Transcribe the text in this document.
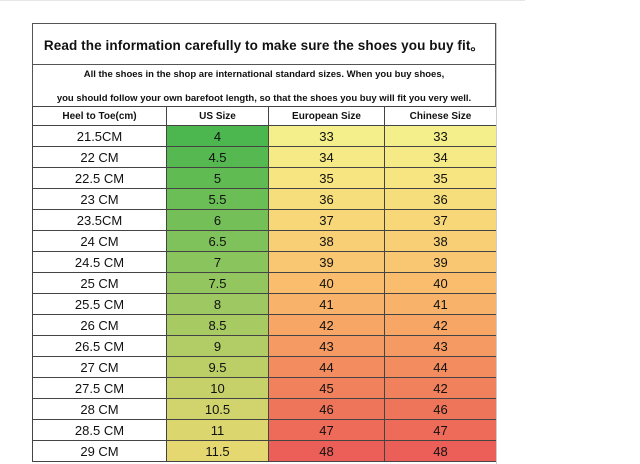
Read the information carefully to make sure the shoes you buy fit。
All the shoes in the shop are international standard sizes. When you buy shoes,
you should follow your own barefoot length, so that the shoes you buy will fit you very well.
Heel to Toe(cm)	US Size	European Size	Chinese Size
21.5CM	4	33	33
22 CM	4.5	34	34
22.5 CM	5	35	35
23 CM	5.5	36	36
23.5CM	6	37	37
24 CM	6.5	38	38
24.5 CM	7	39	39
25 CM	7.5	40	40
25.5 CM	8	41	41
26 CM	8.5	42	42
26.5 CM	9	43	43
27 CM	9.5	44	44
27.5 CM	10	45	42
28 CM	10.5	46	46
28.5 CM	11	47	47
29 CM	11.5	48	48
